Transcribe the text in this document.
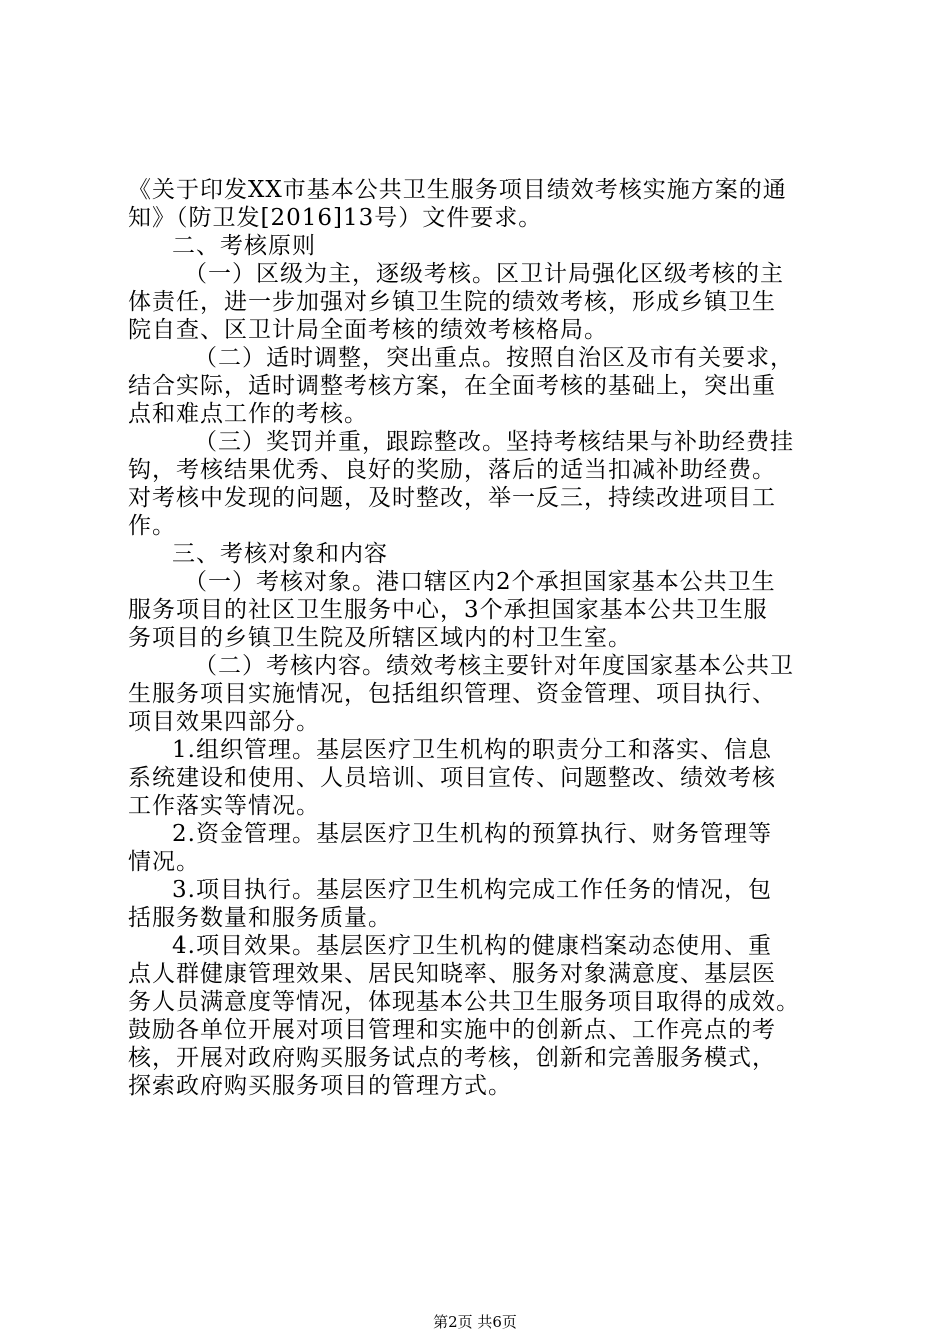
《关于印发XX市基本公共卫生服务项目绩效考核实施方案的通
知》（防卫发[2016]13号）文件要求。
二、考核原则
（一）区级为主，逐级考核。区卫计局强化区级考核的主
体责任，进一步加强对乡镇卫生院的绩效考核，形成乡镇卫生
院自查、区卫计局全面考核的绩效考核格局。
（二）适时调整，突出重点。按照自治区及市有关要求，
结合实际，适时调整考核方案，在全面考核的基础上，突出重
点和难点工作的考核。
（三）奖罚并重，跟踪整改。坚持考核结果与补助经费挂
钩，考核结果优秀、良好的奖励，落后的适当扣减补助经费。
对考核中发现的问题，及时整改，举一反三，持续改进项目工
作。
三、考核对象和内容
（一）考核对象。港口辖区内2个承担国家基本公共卫生
服务项目的社区卫生服务中心，3个承担国家基本公共卫生服
务项目的乡镇卫生院及所辖区域内的村卫生室。
（二）考核内容。绩效考核主要针对年度国家基本公共卫
生服务项目实施情况，包括组织管理、资金管理、项目执行、
项目效果四部分。
1.组织管理。基层医疗卫生机构的职责分工和落实、信息
系统建设和使用、人员培训、项目宣传、问题整改、绩效考核
工作落实等情况。
2.资金管理。基层医疗卫生机构的预算执行、财务管理等
情况。
3.项目执行。基层医疗卫生机构完成工作任务的情况，包
括服务数量和服务质量。
4.项目效果。基层医疗卫生机构的健康档案动态使用、重
点人群健康管理效果、居民知晓率、服务对象满意度、基层医
务人员满意度等情况，体现基本公共卫生服务项目取得的成效。
鼓励各单位开展对项目管理和实施中的创新点、工作亮点的考
核，开展对政府购买服务试点的考核，创新和完善服务模式，
探索政府购买服务项目的管理方式。
第2页 共6页
